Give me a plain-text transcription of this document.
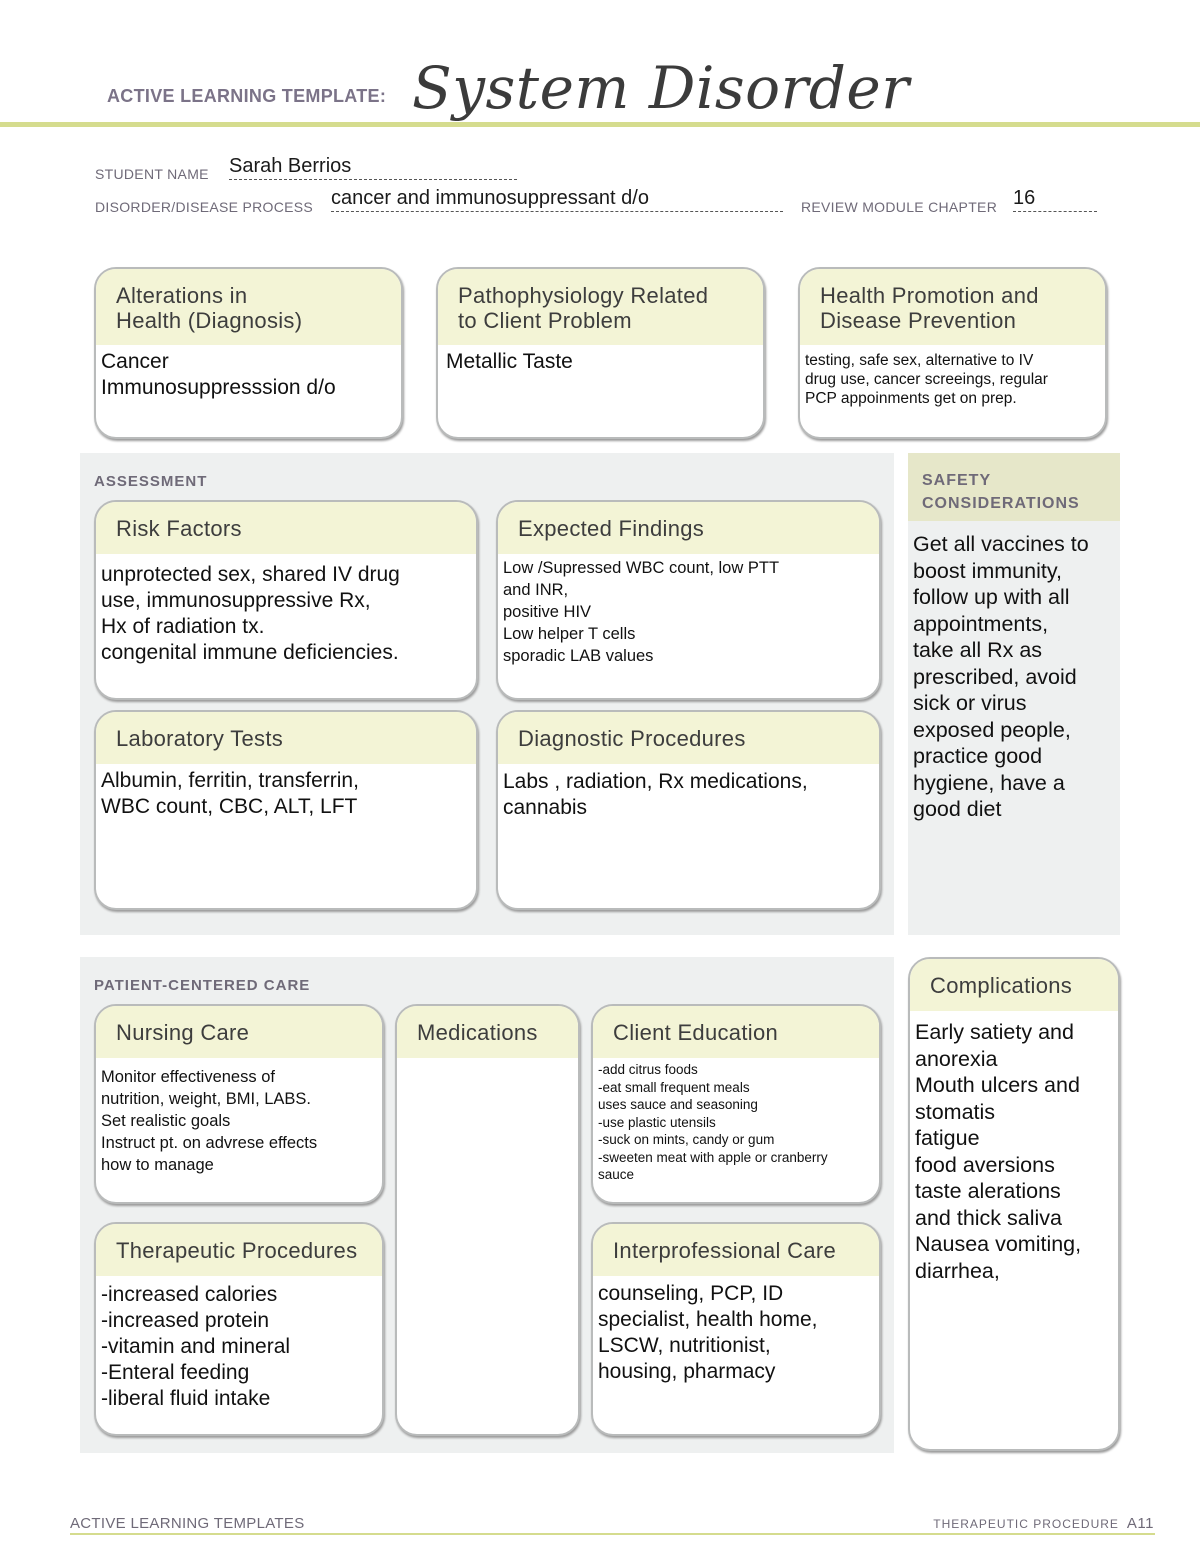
ACTIVE LEARNING TEMPLATE: System Disorder
STUDENT NAME Sarah Berrios
DISORDER/DISEASE PROCESS cancer and immunosuppressant d/o	REVIEW MODULE CHAPTER 16
Alterations in
Health (Diagnosis)
Cancer
Immunosuppresssion d/o
Pathophysiology Related
to Client Problem
Metallic Taste
Health Promotion and
Disease Prevention
testing, safe sex, alternative to IV
drug use, cancer screeings, regular
PCP appoinments get on prep.
ASSESSMENT
Risk Factors
unprotected sex, shared IV drug
use, immunosuppressive Rx,
Hx of radiation tx.
congenital immune deficiencies.
Expected Findings
Low /Supressed WBC count, low PTT
and INR,
positive HIV
Low helper T cells
sporadic LAB values
Laboratory Tests
Albumin, ferritin, transferrin,
WBC count, CBC, ALT, LFT
Diagnostic Procedures
Labs , radiation, Rx medications,
cannabis
SAFETY
CONSIDERATIONS
Get all vaccines to
boost immunity,
follow up with all
appointments,
take all Rx as
prescribed, avoid
sick or virus
exposed people,
practice good
hygiene, have a
good diet
PATIENT-CENTERED CARE
Nursing Care
Monitor effectiveness of
nutrition, weight, BMI, LABS.
Set realistic goals
Instruct pt. on advrese effects
how to manage
Medications	Client Education
-add citrus foods
-eat small frequent meals
uses sauce and seasoning
-use plastic utensils
-suck on mints, candy or gum
-sweeten meat with apple or cranberry
sauce
Therapeutic Procedures
-increased calories
-increased protein
-vitamin and mineral
-Enteral feeding
-liberal fluid intake
Interprofessional Care
counseling, PCP, ID
specialist, health home,
LSCW, nutritionist,
housing, pharmacy
Complications
Early satiety and
anorexia
Mouth ulcers and
stomatis
fatigue
food aversions
taste alerations
and thick saliva
Nausea vomiting,
diarrhea,
ACTIVE LEARNING TEMPLATES	THERAPEUTIC PROCEDURE A11
